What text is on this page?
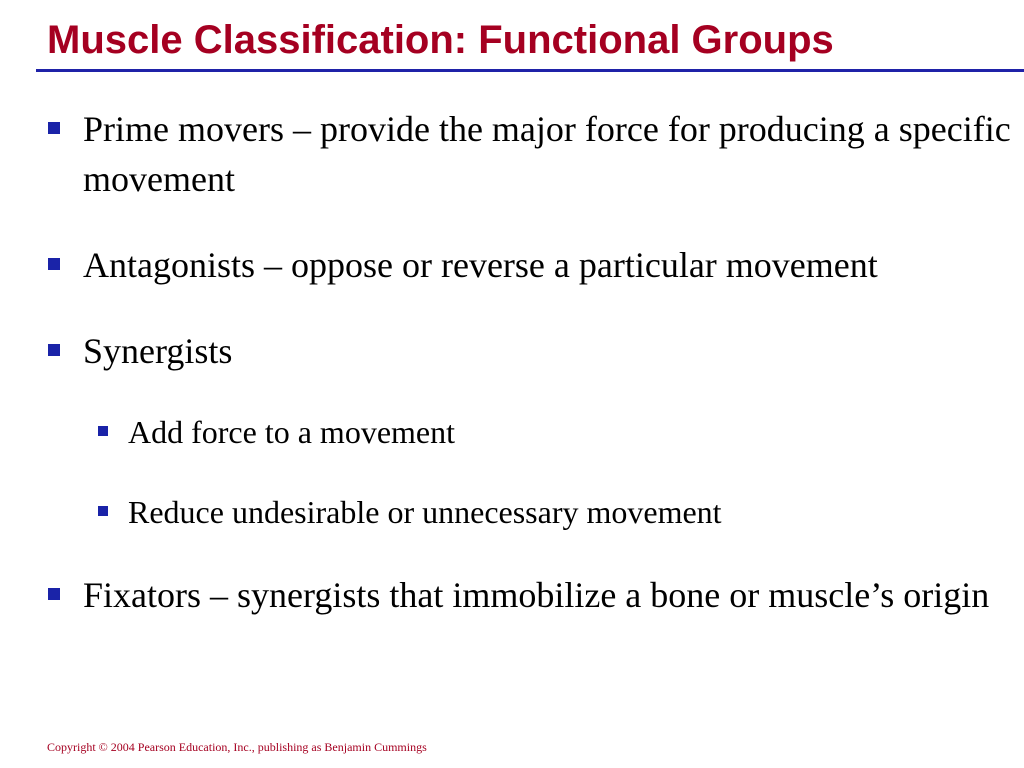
Muscle Classification: Functional Groups
Prime movers – provide the major force for producing a specific movement
Antagonists – oppose or reverse a particular movement
Synergists
Add force to a movement
Reduce undesirable or unnecessary movement
Fixators – synergists that immobilize a bone or muscle’s origin

Copyright © 2004 Pearson Education, Inc., publishing as Benjamin Cummings
